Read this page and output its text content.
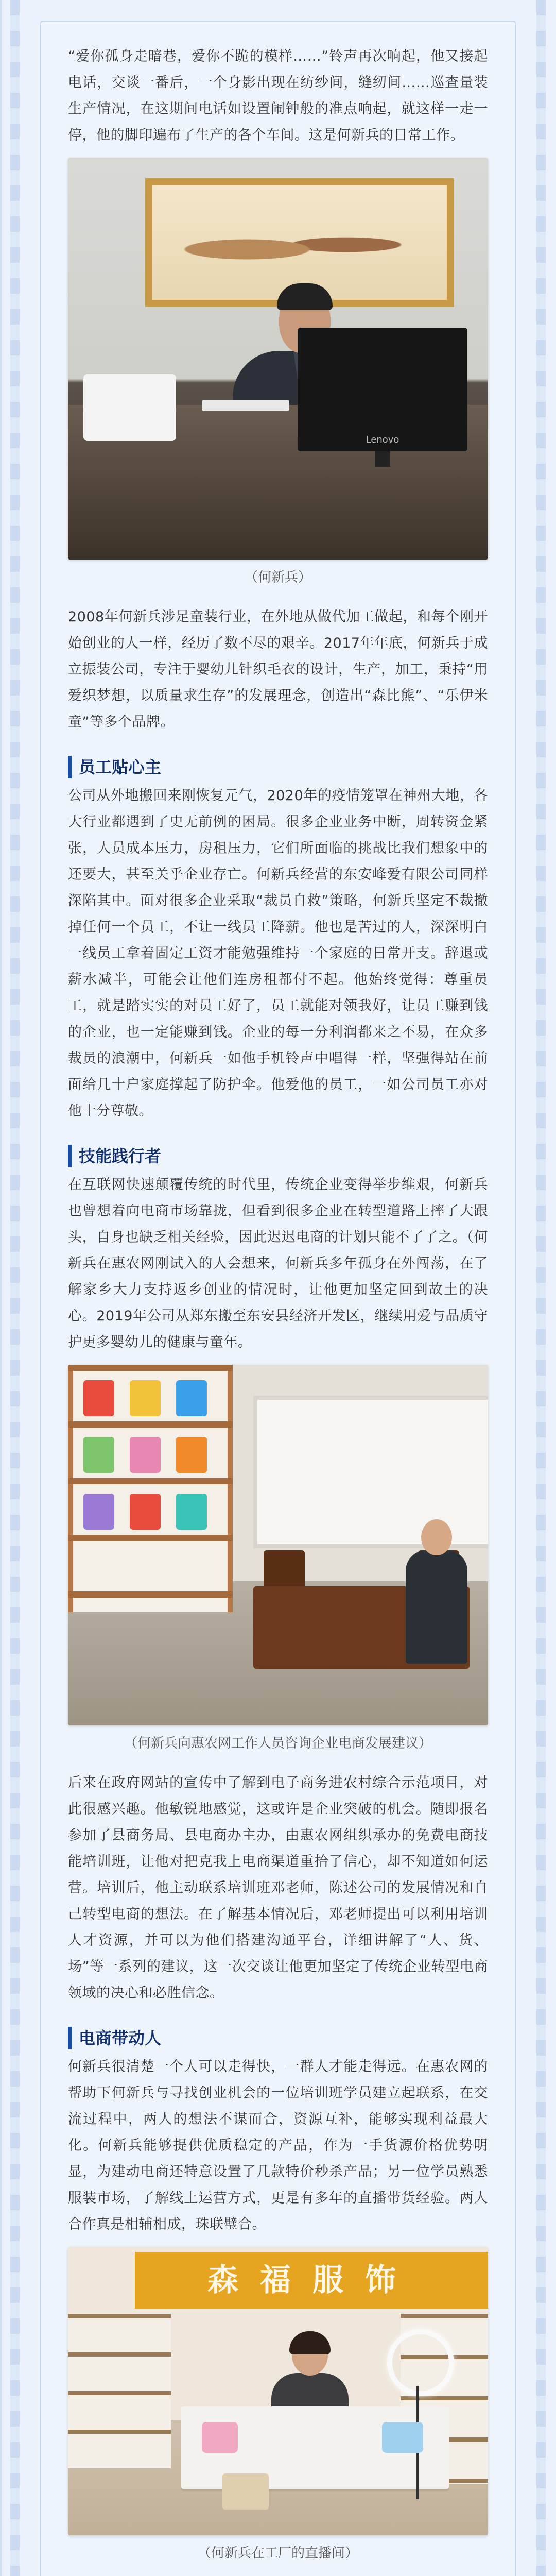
“爱你孤身走暗巷，爱你不跪的模样……”铃声再次响起，他又接起电话，交谈一番后，一个身影出现在纺纱间，缝纫间……巡查量装生产情况，在这期间电话如设置闹钟般的准点响起，就这样一走一停，他的脚印遍布了生产的各个车间。这是何新兵的日常工作。

Lenovo
（何新兵）

2008年何新兵涉足童装行业，在外地从做代加工做起，和每个刚开始创业的人一样，经历了数不尽的艰辛。2017年年底，何新兵于成立振装公司，专注于婴幼儿针织毛衣的设计，生产，加工，秉持“用爱织梦想，以质量求生存”的发展理念，创造出“森比熊”、“乐伊米童”等多个品牌。

员工贴心主

公司从外地搬回来刚恢复元气，2020年的疫情笼罩在神州大地，各大行业都遇到了史无前例的困局。很多企业业务中断，周转资金紧张，人员成本压力，房租压力，它们所面临的挑战比我们想象中的还要大，甚至关乎企业存亡。何新兵经营的东安峰爱有限公司同样深陷其中。面对很多企业采取“裁员自救”策略，何新兵坚定不裁撤掉任何一个员工，不让一线员工降薪。他也是苦过的人，深深明白一线员工拿着固定工资才能勉强维持一个家庭的日常开支。辞退或薪水减半，可能会让他们连房租都付不起。他始终觉得：尊重员工，就是踏实实的对员工好了，员工就能对领我好，让员工赚到钱的企业，也一定能赚到钱。企业的每一分利润都来之不易，在众多裁员的浪潮中，何新兵一如他手机铃声中唱得一样，坚强得站在前面给几十户家庭撑起了防护伞。他爱他的员工，一如公司员工亦对他十分尊敬。

技能践行者

在互联网快速颠覆传统的时代里，传统企业变得举步维艰，何新兵也曾想着向电商市场靠拢，但看到很多企业在转型道路上摔了大跟头，自身也缺乏相关经验，因此迟迟电商的计划只能不了了之。（何新兵在惠农网刚试入的人会想来，何新兵多年孤身在外闯荡，在了解家乡大力支持返乡创业的情况时，让他更加坚定回到故土的决心。2019年公司从郑东搬至东安县经济开发区，继续用爱与品质守护更多婴幼儿的健康与童年。

（何新兵向惠农网工作人员咨询企业电商发展建议）

后来在政府网站的宣传中了解到电子商务进农村综合示范项目，对此很感兴趣。他敏锐地感觉，这或许是企业突破的机会。随即报名参加了县商务局、县电商办主办，由惠农网组织承办的免费电商技能培训班，让他对把克我上电商渠道重拾了信心，却不知道如何运营。培训后，他主动联系培训班邓老师，陈述公司的发展情况和自己转型电商的想法。在了解基本情况后，邓老师提出可以利用培训人才资源，并可以为他们搭建沟通平台，详细讲解了“人、货、场”等一系列的建议，这一次交谈让他更加坚定了传统企业转型电商领域的决心和必胜信念。

电商带动人

何新兵很清楚一个人可以走得快，一群人才能走得远。在惠农网的帮助下何新兵与寻找创业机会的一位培训班学员建立起联系，在交流过程中，两人的想法不谋而合，资源互补，能够实现利益最大化。何新兵能够提供优质稳定的产品，作为一手货源价格优势明显，为建动电商还特意设置了几款特价秒杀产品；另一位学员熟悉服装市场，了解线上运营方式，更是有多年的直播带货经验。两人合作真是相辅相成，珠联璧合。

森福服饰
（何新兵在工厂的直播间）
